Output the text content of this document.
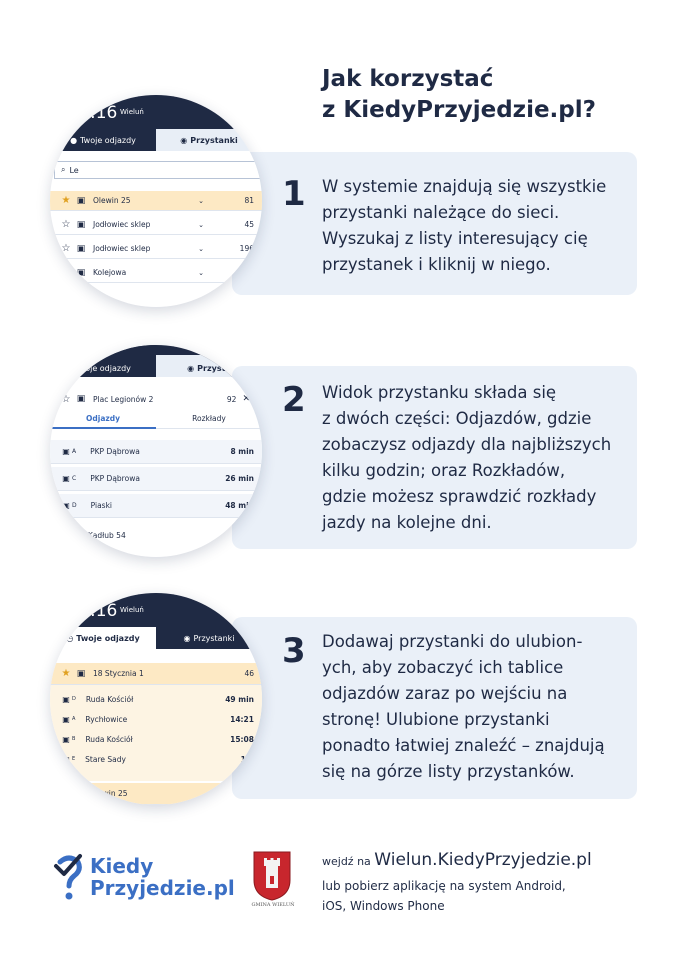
Jak korzystać
z KiedyPrzyjedzie.pl?
1 W systemie znajdują się wszystkie
przystanki należące do sieci.
Wyszukaj z listy interesujący cię
przystanek i kliknij w niego.
2 Widok przystanku składa się
z dwóch części: Odjazdów, gdzie
zobaczysz odjazdy dla najbliższych
kilku godzin; oraz Rozkładów,
gdzie możesz sprawdzić rozkłady
jazdy na kolejne dni.
3 Dodawaj przystanki do ulubion-
ych, aby zobaczyć ich tablice
odjazdów zaraz po wejściu na
stronę! Ulubione przystanki
ponadto łatwiej znaleźć – znajdują
się na górze listy przystanków.
:16 Wieluń
● Twoje odjazdy	◉ Przystanki
⌕ Le
★ ▣ Olewin 25	⌄	81
☆ ▣ Jodłowiec sklep	⌄	45
☆ ▣ Jodłowiec sklep	⌄	196
☆ ▣ Kolejowa	⌄
Twoje odjazdy	◉ Przysta
☆ ▣ Plac Legionów 2	92 ✕
Odjazdy	Rozkłady
▣ A PKP Dąbrowa	8 min
▣ C PKP Dąbrowa	26 min
▣ D Piaski	48 min
Kadłub 54
:16 Wieluń
◷ Twoje odjazdy	◉ Przystanki
★ ▣ 18 Stycznia 1	46
▣ D Ruda Kościół	49 min
▣ A Rychłowice	14:21
▣ B Ruda Kościół	15:08
▣ E Stare Sady	15:
Olewin 25
Kiedy
Przyjedzie.pl
GMINA WIELUŃ
wejdź na Wielun.KiedyPrzyjedzie.pl
lub pobierz aplikację na system Android,
iOS, Windows Phone
